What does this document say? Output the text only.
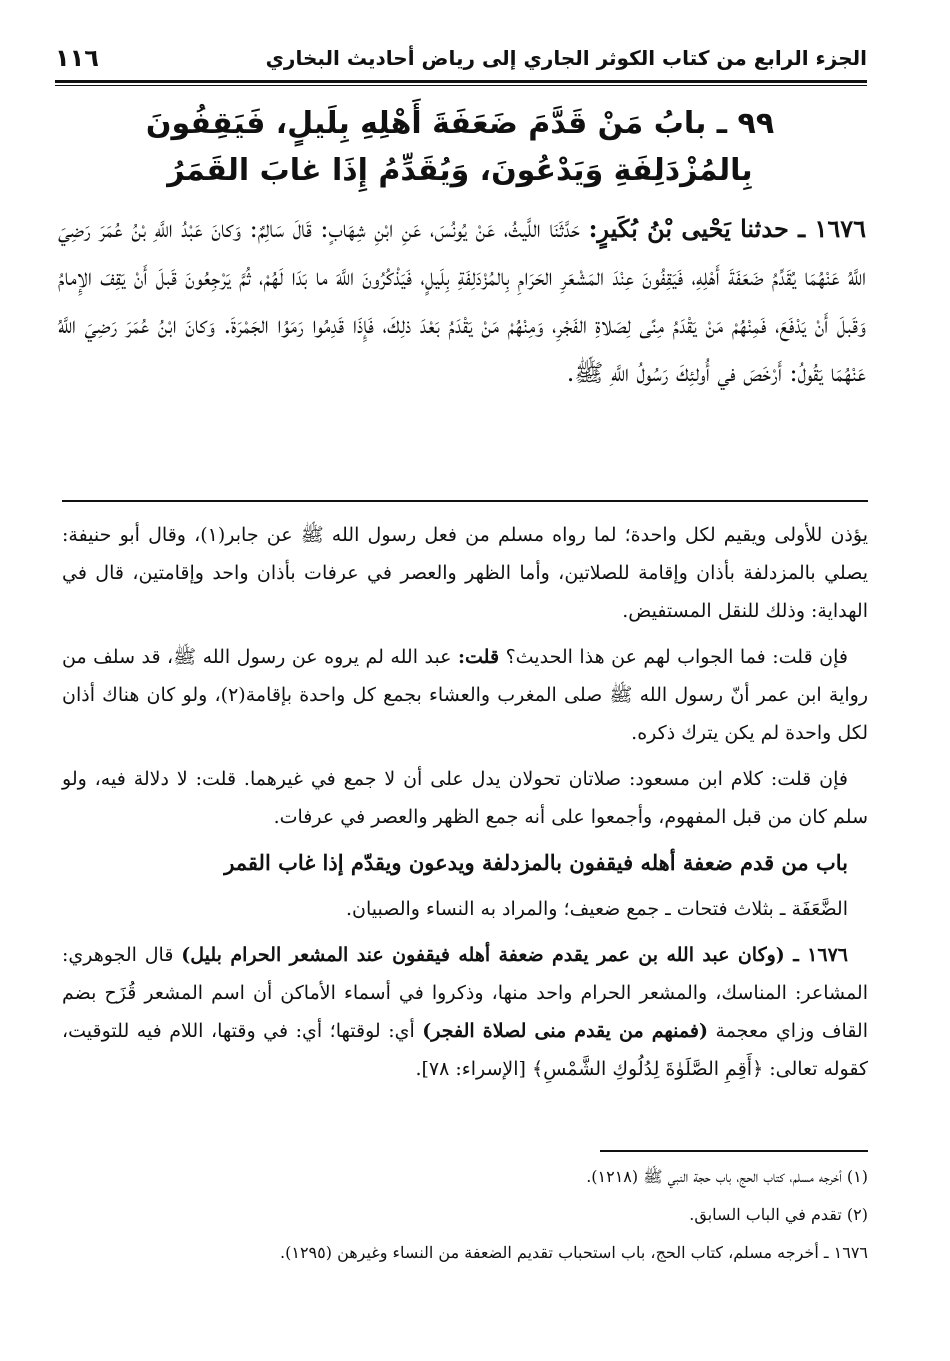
١١٦	الجزء الرابع من كتاب الكوثر الجاري إلى رياض أحاديث البخاري
٩٩ ـ بابُ مَنْ قَدَّمَ ضَعَفَةَ أَهْلِهِ بِلَيلٍ، فَيَقِفُونَ
بِالمُزْدَلِفَةِ وَيَدْعُونَ، وَيُقَدِّمُ إِذَا غابَ القَمَرُ
١٦٧٦ ـ حدثنا يَحْيى بْنُ بُكَيرٍ: حَدَّثَنَا اللَّيثُ، عَنْ يُونُسَ، عَنِ ابْنِ شِهَابٍ: قَالَ سَالِمٌ: وَكانَ عَبْدُ اللَّهِ بْنُ عُمَرَ رَضِيَ اللَّهُ عَنْهُمَا يُقَدِّمُ ضَعَفَةَ أَهْلِهِ، فَيَقِفُونَ عِنْدَ المَشْعَرِ الحَرَامِ بِالمُزْدَلِفَةِ بِلَيلٍ، فَيَذْكُرُونَ اللَّهَ ما بَدَا لَهُمْ، ثُمَّ يَرْجِعُونَ قَبلَ أَنْ يَقِفَ الإِمامُ وَقَبلَ أَنْ يَدْفَعَ، فَمِنْهُمْ مَنْ يَقْدَمُ مِنًى لِصَلاةِ الفَجْرِ، وَمِنْهُمْ مَنْ يَقْدَمُ بَعْدَ ذلِكَ، فَإِذَا قَدِمُوا رَمَوُا الجَمْرَةَ. وَكانَ ابْنُ عُمَرَ رَضِيَ اللَّهُ عَنْهُمَا يَقُولُ: أَرْخَصَ في أُولئِكَ رَسُولُ اللَّهِ ﷺ.

يؤذن للأولى ويقيم لكل واحدة؛ لما رواه مسلم من فعل رسول الله ﷺ عن جابر(١)، وقال أبو حنيفة: يصلي بالمزدلفة بأذان وإقامة للصلاتين، وأما الظهر والعصر في عرفات بأذان واحد وإقامتين، قال في الهداية: وذلك للنقل المستفيض.

فإن قلت: فما الجواب لهم عن هذا الحديث؟ قلت: عبد الله لم يروه عن رسول الله ﷺ، قد سلف من رواية ابن عمر أنّ رسول الله ﷺ صلى المغرب والعشاء بجمع كل واحدة بإقامة(٢)، ولو كان هناك أذان لكل واحدة لم يكن يترك ذكره.

فإن قلت: كلام ابن مسعود: صلاتان تحولان يدل على أن لا جمع في غيرهما. قلت: لا دلالة فيه، ولو سلم كان من قبل المفهوم، وأجمعوا على أنه جمع الظهر والعصر في عرفات.

باب من قدم ضعفة أهله فيقفون بالمزدلفة ويدعون ويقدّم إذا غاب القمر

الضَّعَفَة ـ بثلاث فتحات ـ جمع ضعيف؛ والمراد به النساء والصبيان.

١٦٧٦ ـ (وكان عبد الله بن عمر يقدم ضعفة أهله فيقفون عند المشعر الحرام بليل) قال الجوهري: المشاعر: المناسك، والمشعر الحرام واحد منها، وذكروا في أسماء الأماكن أن اسم المشعر قُزَح بضم القاف وزاي معجمة (فمنهم من يقدم منى لصلاة الفجر) أي: لوقتها؛ أي: في وقتها، اللام فيه للتوقيت، كقوله تعالى: ﴿أَقِمِ الصَّلَوٰةَ لِدُلُوكِ الشَّمْسِ﴾ [الإسراء: ٧٨].

(١) أخرجه مسلم، كتاب الحج، باب حجة النبي ﷺ (١٢١٨).

(٢) تقدم في الباب السابق.

١٦٧٦ ـ أخرجه مسلم، كتاب الحج، باب استحباب تقديم الضعفة من النساء وغيرهن (١٢٩٥).
